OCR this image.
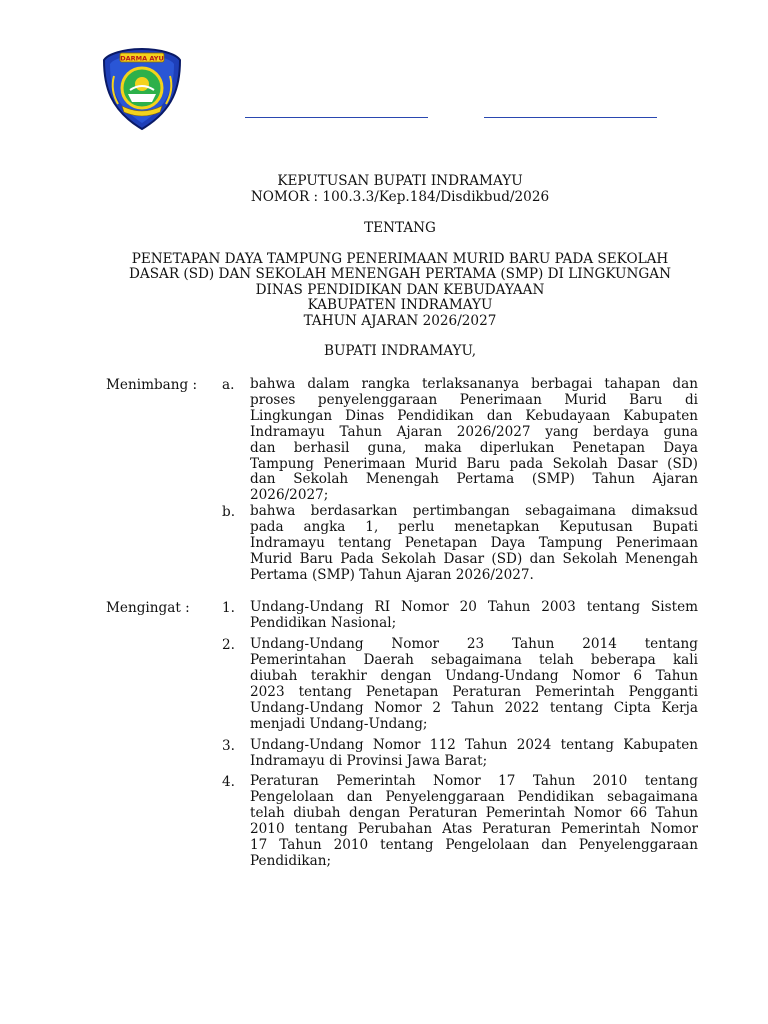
DARMA AYU
KEPUTUSAN BUPATI INDRAMAYU
NOMOR : 100.3.3/Kep.184/Disdikbud/2026
TENTANG
PENETAPAN DAYA TAMPUNG PENERIMAAN MURID BARU PADA SEKOLAH
DASAR (SD) DAN SEKOLAH MENENGAH PERTAMA (SMP) DI LINGKUNGAN
DINAS PENDIDIKAN DAN KEBUDAYAAN
KABUPATEN INDRAMAYU
TAHUN AJARAN 2026/2027
BUPATI INDRAMAYU,
Menimbang : a. bahwa dalam rangka terlaksananya berbagai tahapan dan
proses penyelenggaraan Penerimaan Murid Baru di
Lingkungan Dinas Pendidikan dan Kebudayaan Kabupaten
Indramayu Tahun Ajaran 2026/2027 yang berdaya guna
dan berhasil guna, maka diperlukan Penetapan Daya
Tampung Penerimaan Murid Baru pada Sekolah Dasar (SD)
dan Sekolah Menengah Pertama (SMP) Tahun Ajaran
2026/2027;
b. bahwa berdasarkan pertimbangan sebagaimana dimaksud
pada angka 1, perlu menetapkan Keputusan Bupati
Indramayu tentang Penetapan Daya Tampung Penerimaan
Murid Baru Pada Sekolah Dasar (SD) dan Sekolah Menengah
Pertama (SMP) Tahun Ajaran 2026/2027.
Mengingat : 1. Undang-Undang RI Nomor 20 Tahun 2003 tentang Sistem
Pendidikan Nasional;
2. Undang-Undang Nomor 23 Tahun 2014 tentang
Pemerintahan Daerah sebagaimana telah beberapa kali
diubah terakhir dengan Undang-Undang Nomor 6 Tahun
2023 tentang Penetapan Peraturan Pemerintah Pengganti
Undang-Undang Nomor 2 Tahun 2022 tentang Cipta Kerja
menjadi Undang-Undang;
3. Undang-Undang Nomor 112 Tahun 2024 tentang Kabupaten
Indramayu di Provinsi Jawa Barat;
4. Peraturan Pemerintah Nomor 17 Tahun 2010 tentang
Pengelolaan dan Penyelenggaraan Pendidikan sebagaimana
telah diubah dengan Peraturan Pemerintah Nomor 66 Tahun
2010 tentang Perubahan Atas Peraturan Pemerintah Nomor
17 Tahun 2010 tentang Pengelolaan dan Penyelenggaraan
Pendidikan;
